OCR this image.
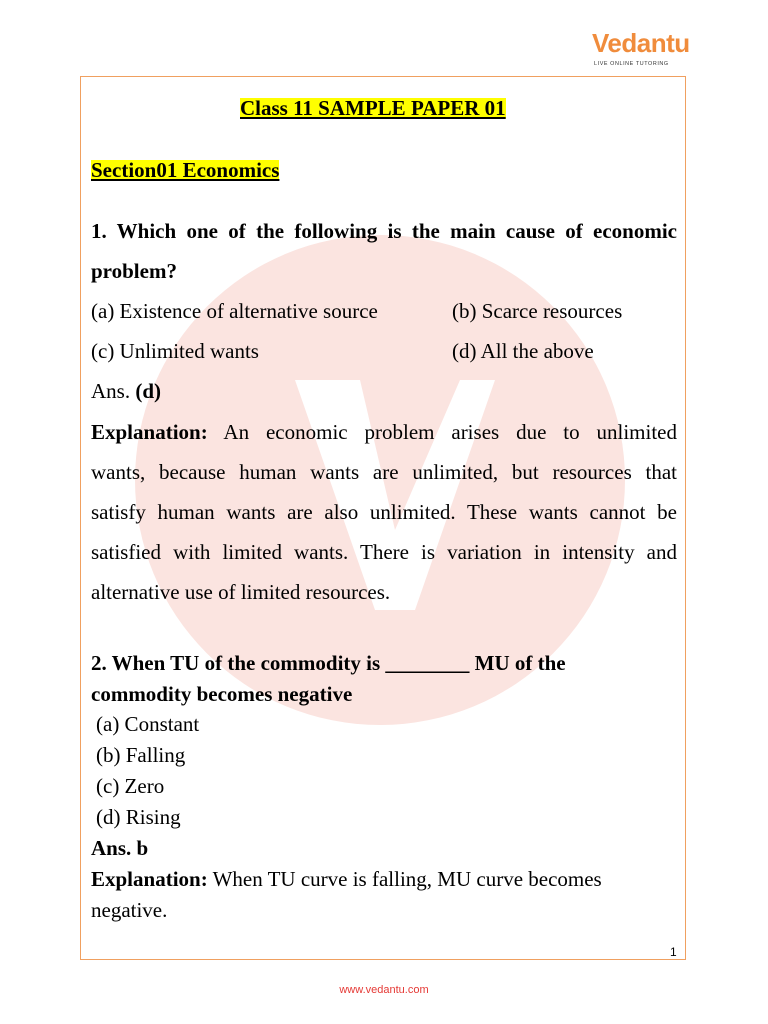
Vedantu
LIVE ONLINE TUTORING
Class 11 SAMPLE PAPER 01
Section01 Economics
1. Which one of the following is the main cause of economic
problem?
(a) Existence of alternative source	(b) Scarce resources
(c) Unlimited wants	(d) All the above
Ans. (d)
Explanation: An economic problem arises due to unlimited
wants, because human wants are unlimited, but resources that
satisfy human wants are also unlimited. These wants cannot be
satisfied with limited wants. There is variation in intensity and
alternative use of limited resources.
2. When TU of the commodity is ________ MU of the
commodity becomes negative
(a) Constant
(b) Falling
(c) Zero
(d) Rising
Ans. b
Explanation: When TU curve is falling, MU curve becomes
negative.
1
www.vedantu.com
